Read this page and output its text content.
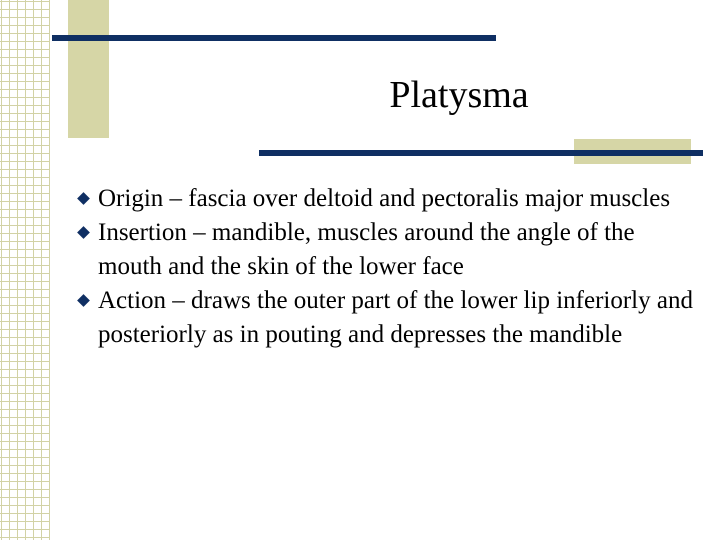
Platysma
Origin – fascia over deltoid and pectoralis major muscles
Insertion – mandible, muscles around the angle of the mouth and the skin of the lower face
Action – draws the outer part of the lower lip inferiorly and posteriorly as in pouting and depresses the mandible
